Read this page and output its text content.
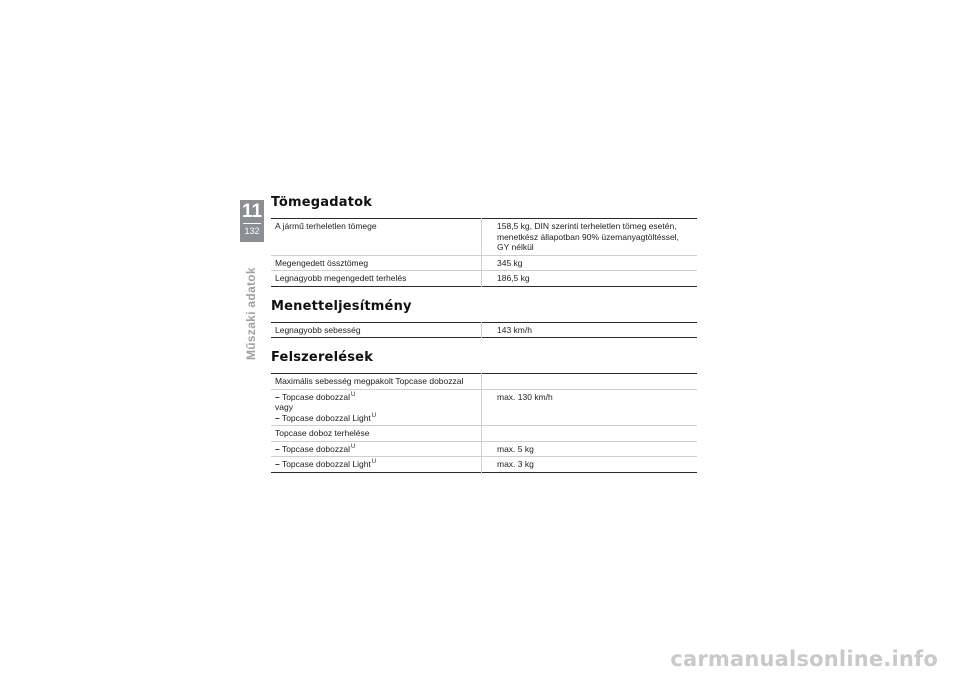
11
132
Műszaki adatok
Tömegadatok
A jármű terheletlen tömege	158,5 kg, DIN szerinti terheletlen tömeg esetén,
menetkész állapotban 90% üzemanyagtöltéssel,
GY nélkül
Megengedett össztömeg	345 kg
Legnagyobb megengedett terhelés	186,5 kg
Menetteljesítmény
Legnagyobb sebesség	143 km/h
Felszerelések
Maximális sebesség megpakolt Topcase dobozzal	
– Topcase dobozzal$^U$
vagy
– Topcase dobozzal Light$^U$	max. 130 km/h
Topcase doboz terhelése	
– Topcase dobozzal$^U$	max. 5 kg
– Topcase dobozzal Light$^U$	max. 3 kg
carmanualsonline.info
